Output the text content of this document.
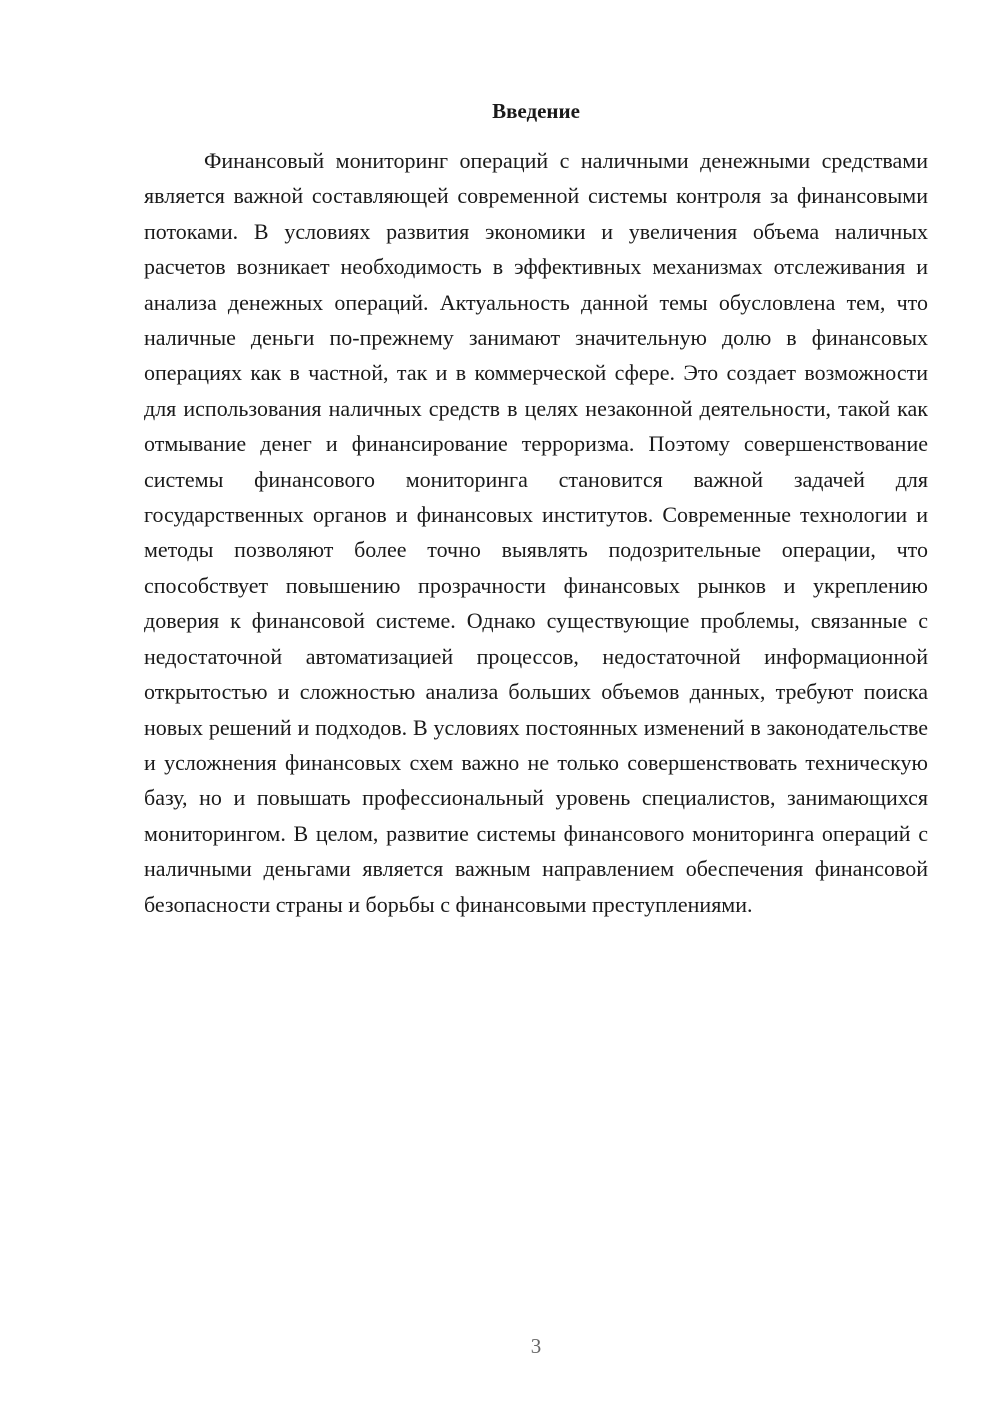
Введение

Финансовый мониторинг операций с наличными денежными средствами является важной составляющей современной системы контроля за финансовыми потоками. В условиях развития экономики и увеличения объема наличных расчетов возникает необходимость в эффективных механизмах отслеживания и анализа денежных операций. Актуальность данной темы обусловлена тем, что наличные деньги по-прежнему занимают значительную долю в финансовых операциях как в частной, так и в коммерческой сфере. Это создает возможности для использования наличных средств в целях незаконной деятельности, такой как отмывание денег и финансирование терроризма. Поэтому совершенствование системы финансового мониторинга становится важной задачей для государственных органов и финансовых институтов. Современные технологии и методы позволяют более точно выявлять подозрительные операции, что способствует повышению прозрачности финансовых рынков и укреплению доверия к финансовой системе. Однако существующие проблемы, связанные с недостаточной автоматизацией процессов, недостаточной информационной открытостью и сложностью анализа больших объемов данных, требуют поиска новых решений и подходов. В условиях постоянных изменений в законодательстве и усложнения финансовых схем важно не только совершенствовать техническую базу, но и повышать профессиональный уровень специалистов, занимающихся мониторингом. В целом, развитие системы финансового мониторинга операций с наличными деньгами является важным направлением обеспечения финансовой безопасности страны и борьбы с финансовыми преступлениями.

3
